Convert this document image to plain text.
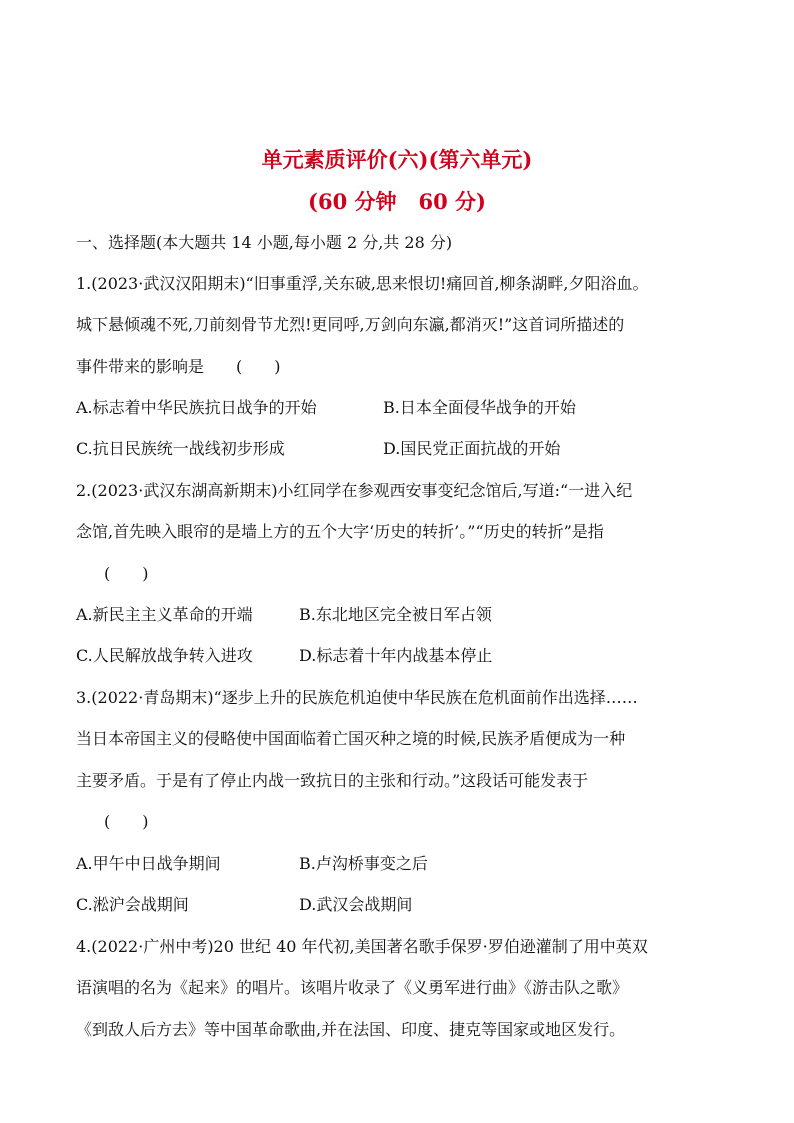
单元素质评价(六)(第六单元)
(60 分钟 60 分)
一、选择题(本大题共 14 小题,每小题 2 分,共 28 分)
1.(2023·武汉汉阳期末)“旧事重浮,关东破,思来恨切!痛回首,柳条湖畔,夕阳浴血。
城下悬倾魂不死,刀前刻骨节尤烈!更同呼,万剑向东瀛,都消灭!”这首词所描述的
事件带来的影响是　　(　　)
A.标志着中华民族抗日战争的开始	B.日本全面侵华战争的开始
C.抗日民族统一战线初步形成	D.国民党正面抗战的开始
2.(2023·武汉东湖高新期末)小红同学在参观西安事变纪念馆后,写道:“一进入纪
念馆,首先映入眼帘的是墙上方的五个大字‘历史的转折’。”“历史的转折”是指
(　　)
A.新民主主义革命的开端	B.东北地区完全被日军占领
C.人民解放战争转入进攻	D.标志着十年内战基本停止
3.(2022·青岛期末)“逐步上升的民族危机迫使中华民族在危机面前作出选择……
当日本帝国主义的侵略使中国面临着亡国灭种之境的时候,民族矛盾便成为一种
主要矛盾。于是有了停止内战一致抗日的主张和行动。”这段话可能发表于
(　　)
A.甲午中日战争期间	B.卢沟桥事变之后
C.淞沪会战期间	D.武汉会战期间
4.(2022·广州中考)20 世纪 40 年代初,美国著名歌手保罗·罗伯逊灌制了用中英双
语演唱的名为《起来》的唱片。该唱片收录了《义勇军进行曲》《游击队之歌》
《到敌人后方去》等中国革命歌曲,并在法国、印度、捷克等国家或地区发行。
